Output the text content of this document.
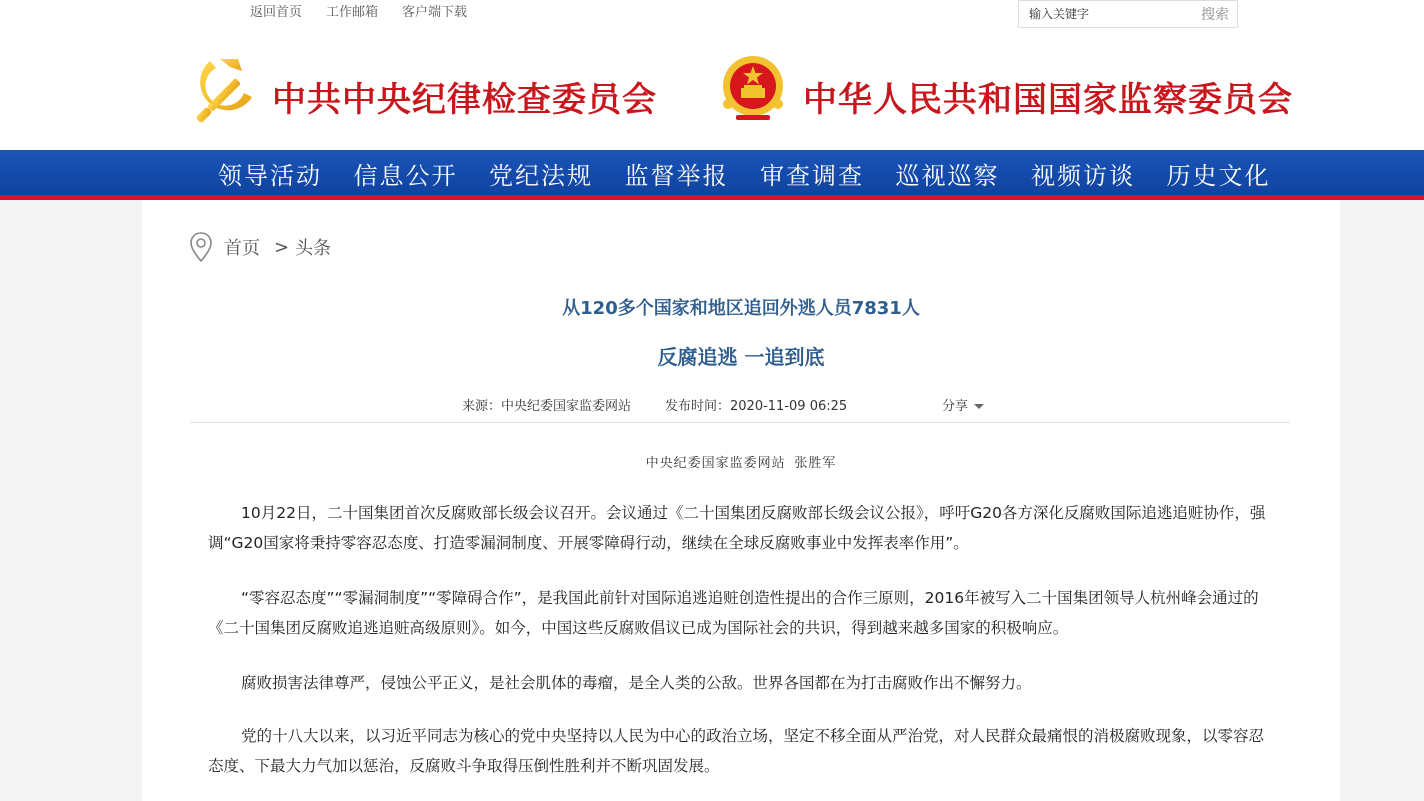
返回首页 工作邮箱 客户端下载
输入关键字	搜索
中共中央纪律检查委员会	中华人民共和国国家监察委员会
领导活动	信息公开	党纪法规	监督举报	审查调查	巡视巡察	视频访谈	历史文化
首页 > 头条
从120多个国家和地区追回外逃人员7831人
反腐追逃 一追到底
来源：中央纪委国家监委网站	发布时间：2020-11-09 06:25	分享
中央纪委国家监委网站 张胜军

10月22日，二十国集团首次反腐败部长级会议召开。会议通过《二十国集团反腐败部长级会议公报》，呼吁G20各方深化反腐败国际追逃追赃协作，强调“G20国家将秉持零容忍态度、打造零漏洞制度、开展零障碍行动，继续在全球反腐败事业中发挥表率作用”。

“零容忍态度”“零漏洞制度”“零障碍合作”，是我国此前针对国际追逃追赃创造性提出的合作三原则，2016年被写入二十国集团领导人杭州峰会通过的《二十国集团反腐败追逃追赃高级原则》。如今，中国这些反腐败倡议已成为国际社会的共识，得到越来越多国家的积极响应。

腐败损害法律尊严，侵蚀公平正义，是社会肌体的毒瘤，是全人类的公敌。世界各国都在为打击腐败作出不懈努力。

党的十八大以来，以习近平同志为核心的党中央坚持以人民为中心的政治立场，坚定不移全面从严治党，对人民群众最痛恨的消极腐败现象，以零容忍态度、下最大力气加以惩治，反腐败斗争取得压倒性胜利并不断巩固发展。
